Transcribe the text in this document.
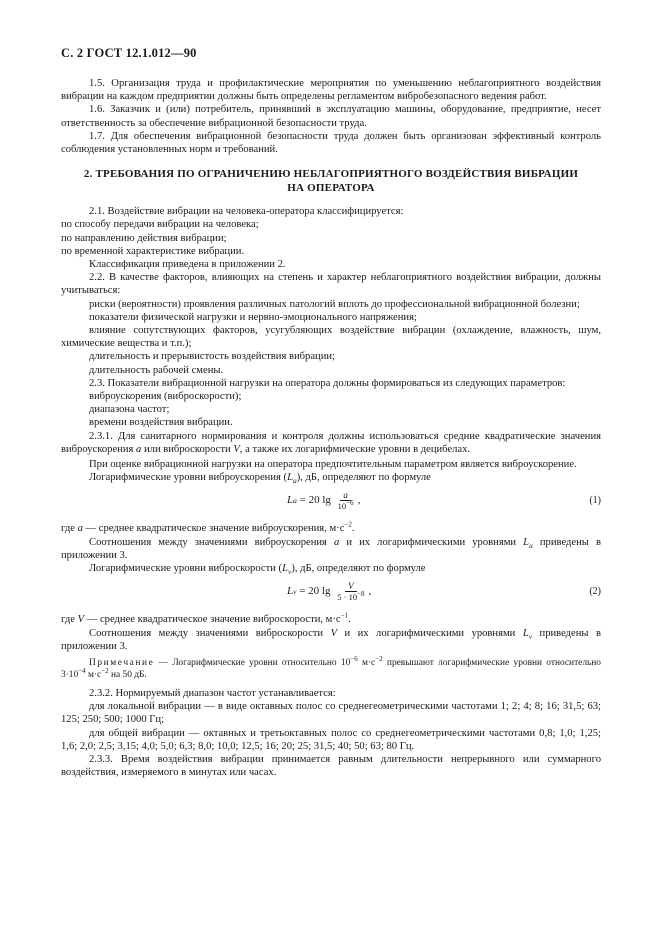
С. 2 ГОСТ 12.1.012—90

1.5. Организация труда и профилактические мероприятия по уменьшению неблагоприятного воздействия вибрации на каждом предприятии должны быть определены регламентом вибробезопасного ведения работ.

1.6. Заказчик и (или) потребитель, принявший в эксплуатацию машины, оборудование, предприятие, несет ответственность за обеспечение вибрационной безопасности труда.

1.7. Для обеспечения вибрационной безопасности труда должен быть организован эффективный контроль соблюдения установленных норм и требований.

2. ТРЕБОВАНИЯ ПО ОГРАНИЧЕНИЮ НЕБЛАГОПРИЯТНОГО ВОЗДЕЙСТВИЯ ВИБРАЦИИ НА ОПЕРАТОРА

2.1. Воздействие вибрации на человека-оператора классифицируется:

по способу передачи вибрации на человека;

по направлению действия вибрации;

по временной характеристике вибрации.

Классификация приведена в приложении 2.

2.2. В качестве факторов, влияющих на степень и характер неблагоприятного воздействия вибрации, должны учитываться:

риски (вероятности) проявления различных патологий вплоть до профессиональной вибрационной болезни;

показатели физической нагрузки и нервно-эмоционального напряжения;

влияние сопутствующих факторов, усугубляющих воздействие вибрации (охлаждение, влажность, шум, химические вещества и т.п.);

длительность и прерывистость воздействия вибрации;

длительность рабочей смены.

2.3. Показатели вибрационной нагрузки на оператора должны формироваться из следующих параметров:

виброускорения (виброскорости);

диапазона частот;

времени воздействия вибрации.

2.3.1. Для санитарного нормирования и контроля должны использоваться средние квадратические значения виброускорения a или виброскорости V, а также их логарифмические уровни в децибелах.

При оценке вибрационной нагрузки на оператора предпочтительным параметром является виброускорение.

Логарифмические уровни виброускорения $(L_a)$, дБ, определяют по формуле

L a
= 20 lg
$\frac{a}{10^{-6}}$ ,	(1)

где a — среднее квадратическое значение виброускорения, $м\cdot с^{-2}$.

Соотношения между значениями виброускорения a и их логарифмическими уровнями $L_a$ приведены в приложении 3.

Логарифмические уровни виброскорости $(L_v)$, дБ, определяют по формуле

L v
= 20 lg
$\frac{V}{5 \cdot 10^{-8}}$ ,	(2)

где V — среднее квадратическое значение виброскорости, $м\cdot с^{-1}$.

Соотношения между значениями виброскорости V и их логарифмическими уровнями $L_v$ приведены в приложении 3.

Примечание — Логарифмические уровни относительно $10^{-6}$ $м\cdot с^{-2}$ превышают логарифмические уровни относительно $3\cdot 10^{-4}$ $м\cdot с^{-2}$ на 50 дБ.

2.3.2. Нормируемый диапазон частот устанавливается:

для локальной вибрации — в виде октавных полос со среднегеометрическими частотами 1; 2; 4; 8; 16; 31,5; 63; 125; 250; 500; 1000 Гц;

для общей вибрации — октавных и третьоктавных полос со среднегеометрическими частотами 0,8; 1,0; 1,25; 1,6; 2,0; 2,5; 3,15; 4,0; 5,0; 6,3; 8,0; 10,0; 12,5; 16; 20; 25; 31,5; 40; 50; 63; 80 Гц.

2.3.3. Время воздействия вибрации принимается равным длительности непрерывного или суммарного воздействия, измеряемого в минутах или часах.
